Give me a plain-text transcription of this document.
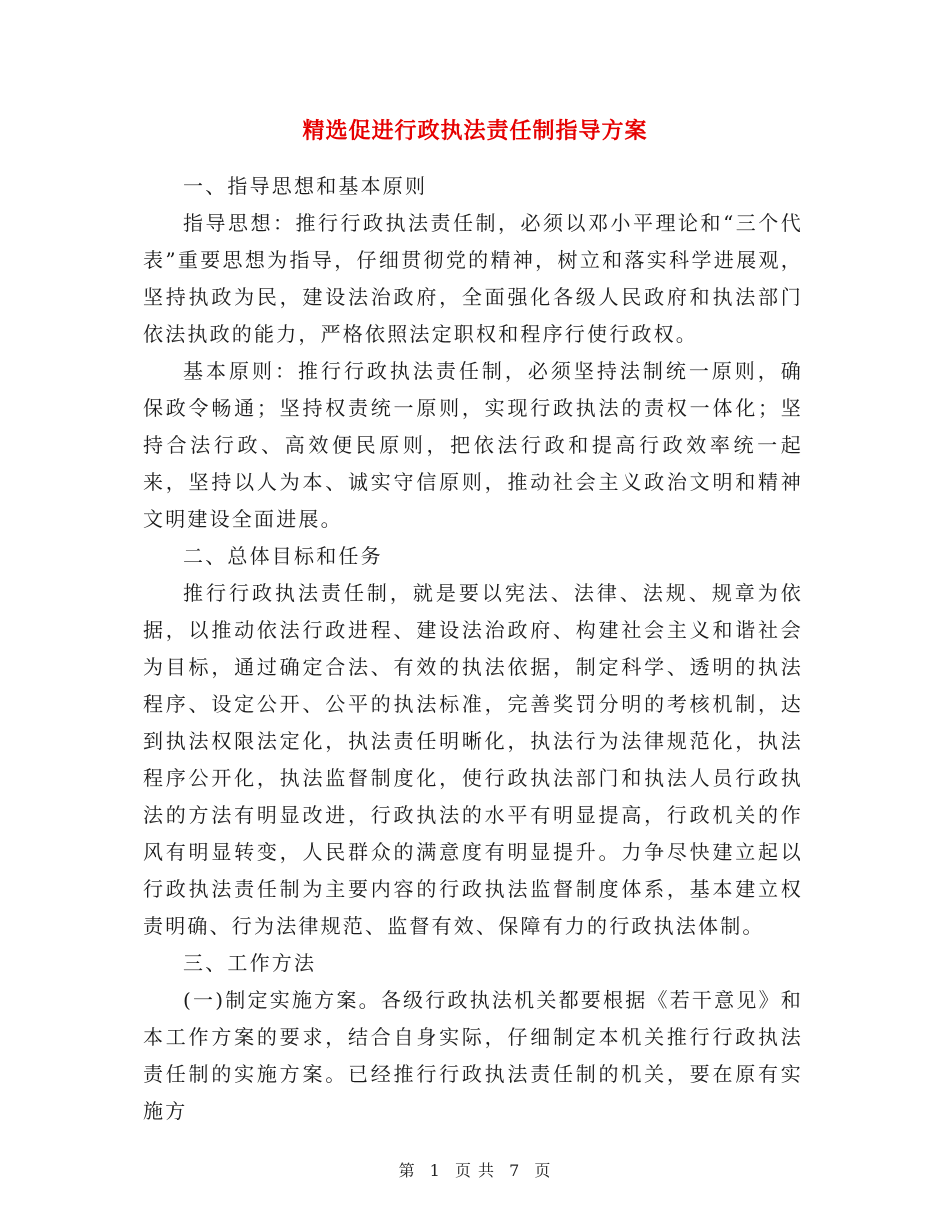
精选促进行政执法责任制指导方案

一、指导思想和基本原则

指导思想：推行行政执法责任制，必须以邓小平理论和“三个代表”重要思想为指导，仔细贯彻党的精神，树立和落实科学进展观，坚持执政为民，建设法治政府，全面强化各级人民政府和执法部门依法执政的能力，严格依照法定职权和程序行使行政权。

基本原则：推行行政执法责任制，必须坚持法制统一原则，确保政令畅通；坚持权责统一原则，实现行政执法的责权一体化；坚持合法行政、高效便民原则，把依法行政和提高行政效率统一起来，坚持以人为本、诚实守信原则，推动社会主义政治文明和精神文明建设全面进展。

二、总体目标和任务

推行行政执法责任制，就是要以宪法、法律、法规、规章为依据，以推动依法行政进程、建设法治政府、构建社会主义和谐社会为目标，通过确定合法、有效的执法依据，制定科学、透明的执法程序、设定公开、公平的执法标准，完善奖罚分明的考核机制，达到执法权限法定化，执法责任明晰化，执法行为法律规范化，执法程序公开化，执法监督制度化，使行政执法部门和执法人员行政执法的方法有明显改进，行政执法的水平有明显提高，行政机关的作风有明显转变，人民群众的满意度有明显提升。力争尽快建立起以行政执法责任制为主要内容的行政执法监督制度体系，基本建立权责明确、行为法律规范、监督有效、保障有力的行政执法体制。

三、工作方法

(一)制定实施方案。各级行政执法机关都要根据《若干意见》和本工作方案的要求，结合自身实际，仔细制定本机关推行行政执法责任制的实施方案。已经推行行政执法责任制的机关，要在原有实施方

第 1 页 共 7 页
